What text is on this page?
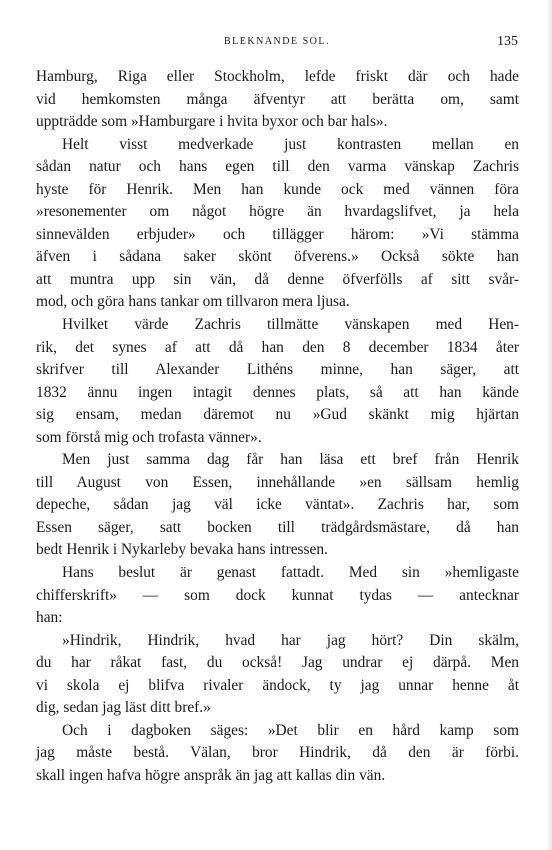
BLEKNANDE SOL.	135
Hamburg, Riga eller Stockholm, lefde friskt där och hade
vid hemkomsten många äfventyr att berätta om, samt
uppträdde som »Hamburgare i hvita byxor och bar hals».
Helt visst medverkade just kontrasten mellan en
sådan natur och hans egen till den varma vänskap Zachris
hyste för Henrik. Men han kunde ock med vännen föra
»resonementer om något högre än hvardagslifvet, ja hela
sinnevälden erbjuder» och tillägger härom: »Vi stämma
äfven i sådana saker skönt öfverens.» Också sökte han
att muntra upp sin vän, då denne öfverfölls af sitt svår-
mod, och göra hans tankar om tillvaron mera ljusa.
Hvilket värde Zachris tillmätte vänskapen med Hen-
rik, det synes af att då han den 8 december 1834 åter
skrifver till Alexander Lithéns minne, han säger, att
1832 ännu ingen intagit dennes plats, så att han kände
sig ensam, medan däremot nu »Gud skänkt mig hjärtan
som förstå mig och trofasta vänner».
Men just samma dag får han läsa ett bref från Henrik
till August von Essen, innehållande »en sällsam hemlig
depeche, sådan jag väl icke väntat». Zachris har, som
Essen säger, satt bocken till trädgårdsmästare, då han
bedt Henrik i Nykarleby bevaka hans intressen.
Hans beslut är genast fattadt. Med sin »hemligaste
chifferskrift» — som dock kunnat tydas — antecknar
han:
»Hindrik, Hindrik, hvad har jag hört? Din skälm,
du har råkat fast, du också! Jag undrar ej därpå. Men
vi skola ej blifva rivaler ändock, ty jag unnar henne åt
dig, sedan jag läst ditt bref.»
Och i dagboken säges: »Det blir en hård kamp som
jag måste bestå. Välan, bror Hindrik, då den är förbi.
skall ingen hafva högre anspråk än jag att kallas din vän.
